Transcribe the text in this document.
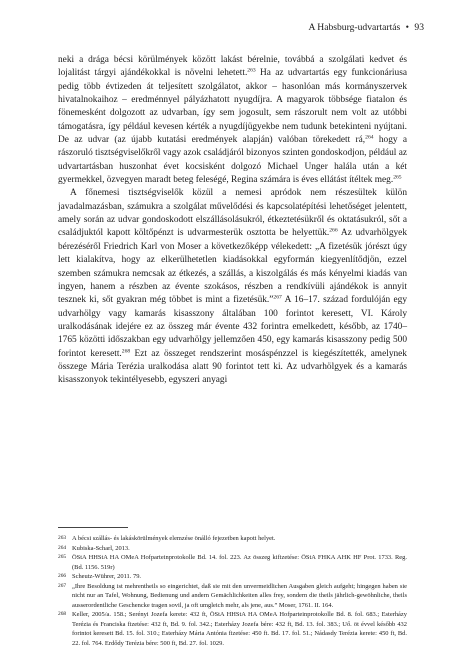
A Habsburg-udvartartás • 93

neki a drága bécsi körülmények között lakást bérelnie, továbbá a szolgálati kedvet és lojalitást tárgyi ajándékokkal is növelni lehetett.$^{263}$ Ha az udvartartás egy funkcionáriusa pedig több évtizeden át teljesített szolgálatot, akkor – hasonlóan más kormányszervek hivatalnokaihoz – eredménnyel pályázhatott nyugdíjra. A magyarok többsége fiatalon és fönemesként dolgozott az udvarban, így sem jogosult, sem rászorult nem volt az utóbbi támogatásra, így például kevesen kérték a nyugdíjügyekbe nem tudunk betekinteni nyújtani. De az udvar (az újabb kutatási eredmények alapján) valóban törekedett rá,$^{264}$ hogy a rászoruló tisztségviselőkről vagy azok családjáról bizonyos szinten gondoskodjon, például az udvartartásban huszonhat évet kocsisként dolgozó Michael Unger halála után a két gyermekkel, özvegyen maradt beteg feleségé, Regina számára is éves ellátást ítéltek meg.$^{265}$

A főnemesi tisztségviselők közül a nemesi apródok nem részesültek külön javadalmazásban, számukra a szolgálat művelődési és kapcsolatépítési lehetőséget jelentett, amely során az udvar gondoskodott elszállásolásukról, étkeztetésükről és oktatásukról, sőt a családjuktól kapott költőpénzt is udvarmesterük osztotta be helyettük.$^{266}$ Az udvarhölgyek bérezéséről Friedrich Karl von Moser a következőképp vélekedett: „A fizetésük jórészt úgy lett kialakítva, hogy az elkerülhetetlen kiadásokkal egyformán kiegyenlítődjön, ezzel szemben számukra nemcsak az étkezés, a szállás, a kiszolgálás és más kényelmi kiadás van ingyen, hanem a részben az évente szokásos, részben a rendkívüli ajándékok is annyit tesznek ki, sőt gyakran még többet is mint a fizetésük.”$^{267}$ A 16–17. század fordulóján egy udvarhölgy vagy kamarás kisasszony általában 100 forintot keresett, VI. Károly uralkodásának idejére ez az összeg már évente 432 forintra emelkedett, később, az 1740–1765 közötti időszakban egy udvarhölgy jellemzően 450, egy kamarás kisasszony pedig 500 forintot keresett.$^{268}$ Ezt az összeget rendszerint mosáspénzzel is kiegészítették, amelynek összege Mária Terézia uralkodása alatt 90 forintot tett ki. Az udvarhölgyek és a kamarás kisasszonyok tekintélyesebb, egyszeri anyagi

263 A bécsi szállás- és lakáskörülmények elemzése önálló fejezetben kapott helyet.
264 Kubiska-Scharl, 2013.
265 ÖStA HHStA HA OMeA Hofparteinprotokolle Bd. 14. fol. 223. Az összeg kifizetése: ÖStA FHKA AHK HF Prot. 1733. Reg. (Bd. 1156. 519r)
266 Scheutz-Wührer, 2011. 79.
267 „Ihre Besoldung ist mehrentheils so eingerichtet, daß sie mit den unvermeidlichen Ausgaben gleich aufgeht; hingegen haben sie nicht nur an Tafel, Wohnung, Bedienung und andern Gemächlichkeiten alles frey, sondern die theils jährlich-gewöhnliche, theils ausserordentliche Geschencke tragen sovil, ja oft umgleich mehr, als jene, aus.” Moser, 1761. II. 164.
268 Keller, 2005/a. 158.; Serényi Jozefa kerete: 432 ft, ÖStA HHStA HA OMeA Hofparteinprotokolle Bd. 8. fol. 683.; Esterházy Terézia és Franciska fizetése: 432 ft, Bd. 9. fol. 342.; Esterházy Jozefa bére: 432 ft, Bd. 13. fol. 383.; Uő. öt évvel később 432 forintot keresett Bd. 15. fol. 310.; Esterházy Mária Antónia fizetése: 450 ft. Bd. 17. fol. 51.; Nádasdy Terézia kerete: 450 ft, Bd. 22. fol. 764. Erdődy Terézia bére: 500 ft, Bd. 27. fol. 1029.
